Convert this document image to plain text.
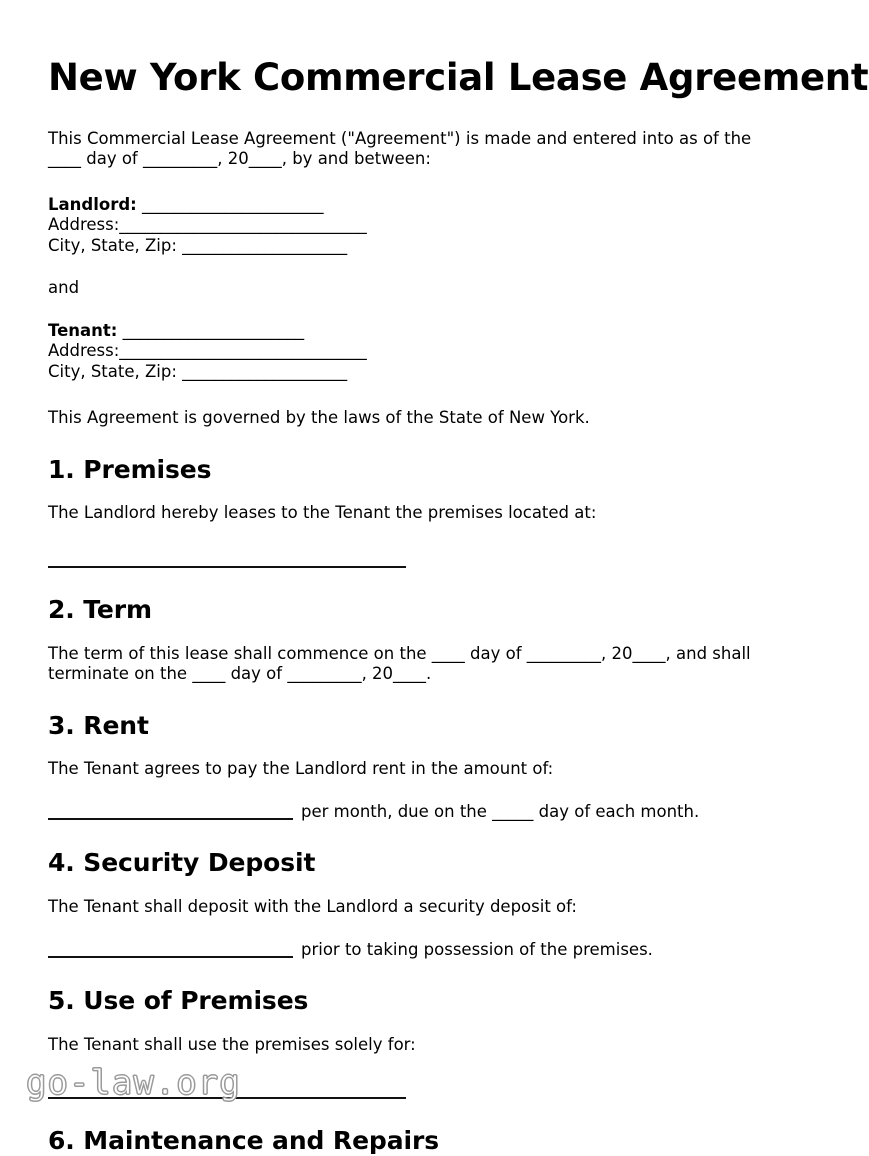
New York Commercial Lease Agreement

This Commercial Lease Agreement ("Agreement") is made and entered into as of the ____ day of _________, 20____, by and between:

Landlord: ______________________
Address:______________________________
City, State, Zip: ____________________
and
Tenant: ______________________
Address:______________________________
City, State, Zip: ____________________

This Agreement is governed by the laws of the State of New York.

1. Premises

The Landlord hereby leases to the Tenant the premises located at:

2. Term

The term of this lease shall commence on the ____ day of _________, 20____, and shall terminate on the ____ day of _________, 20____.

3. Rent

The Tenant agrees to pay the Landlord rent in the amount of:

per month, due on the _____ day of each month.
4. Security Deposit

The Tenant shall deposit with the Landlord a security deposit of:

prior to taking possession of the premises.
5. Use of Premises

The Tenant shall use the premises solely for:

6. Maintenance and Repairs
go-law.org
